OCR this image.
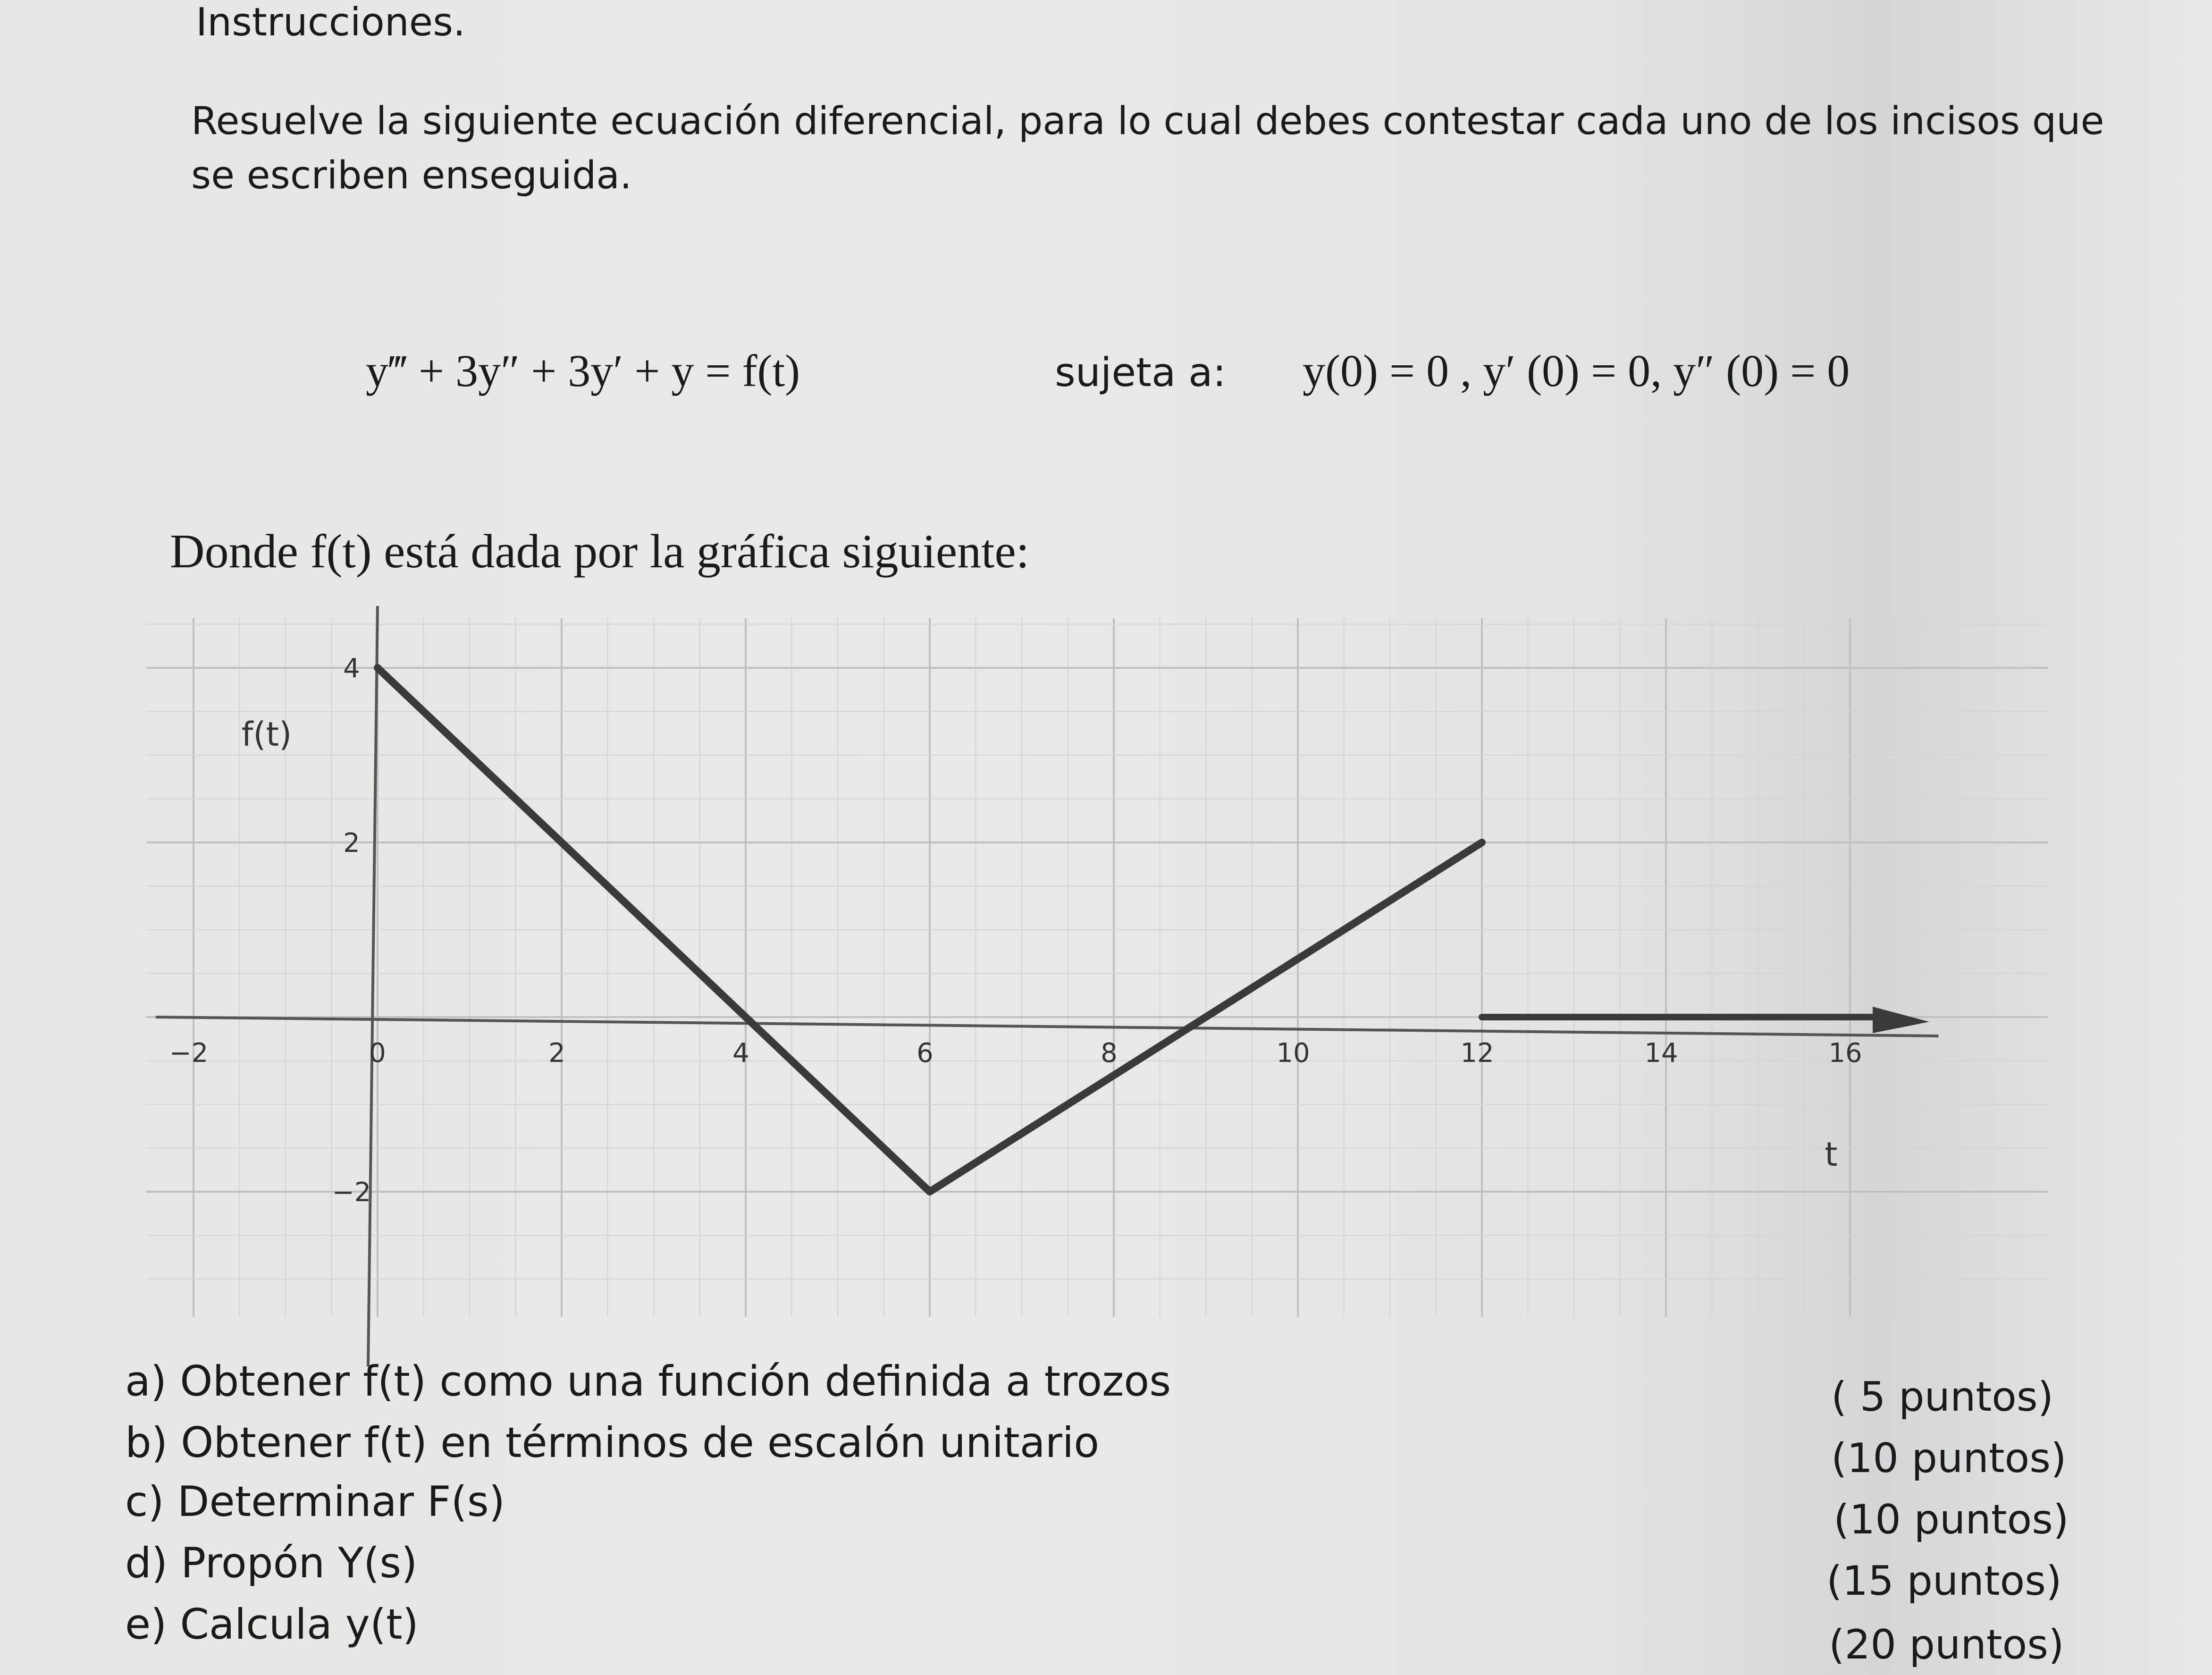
Instrucciones.
Resuelve la siguiente ecuación diferencial, para lo cual debes contestar cada uno de los incisos que
se escriben enseguida.
y‴ + 3y″ + 3y′ + y = f(t)	sujeta a: y(0) = 0 , y′ (0) = 0, y″ (0) = 0
Donde f(t) está dada por la gráfica siguiente:
−2	0	2	4	6	8	10	12	14	16
−2
2
4
f(t)
t
a) Obtener f(t) como una función definida a trozos
b) Obtener f(t) en términos de escalón unitario
c) Determinar F(s)
d) Propón Y(s)
e) Calcula y(t)
( 5 puntos)
(10 puntos)
(10 puntos)
(15 puntos)
(20 puntos)
